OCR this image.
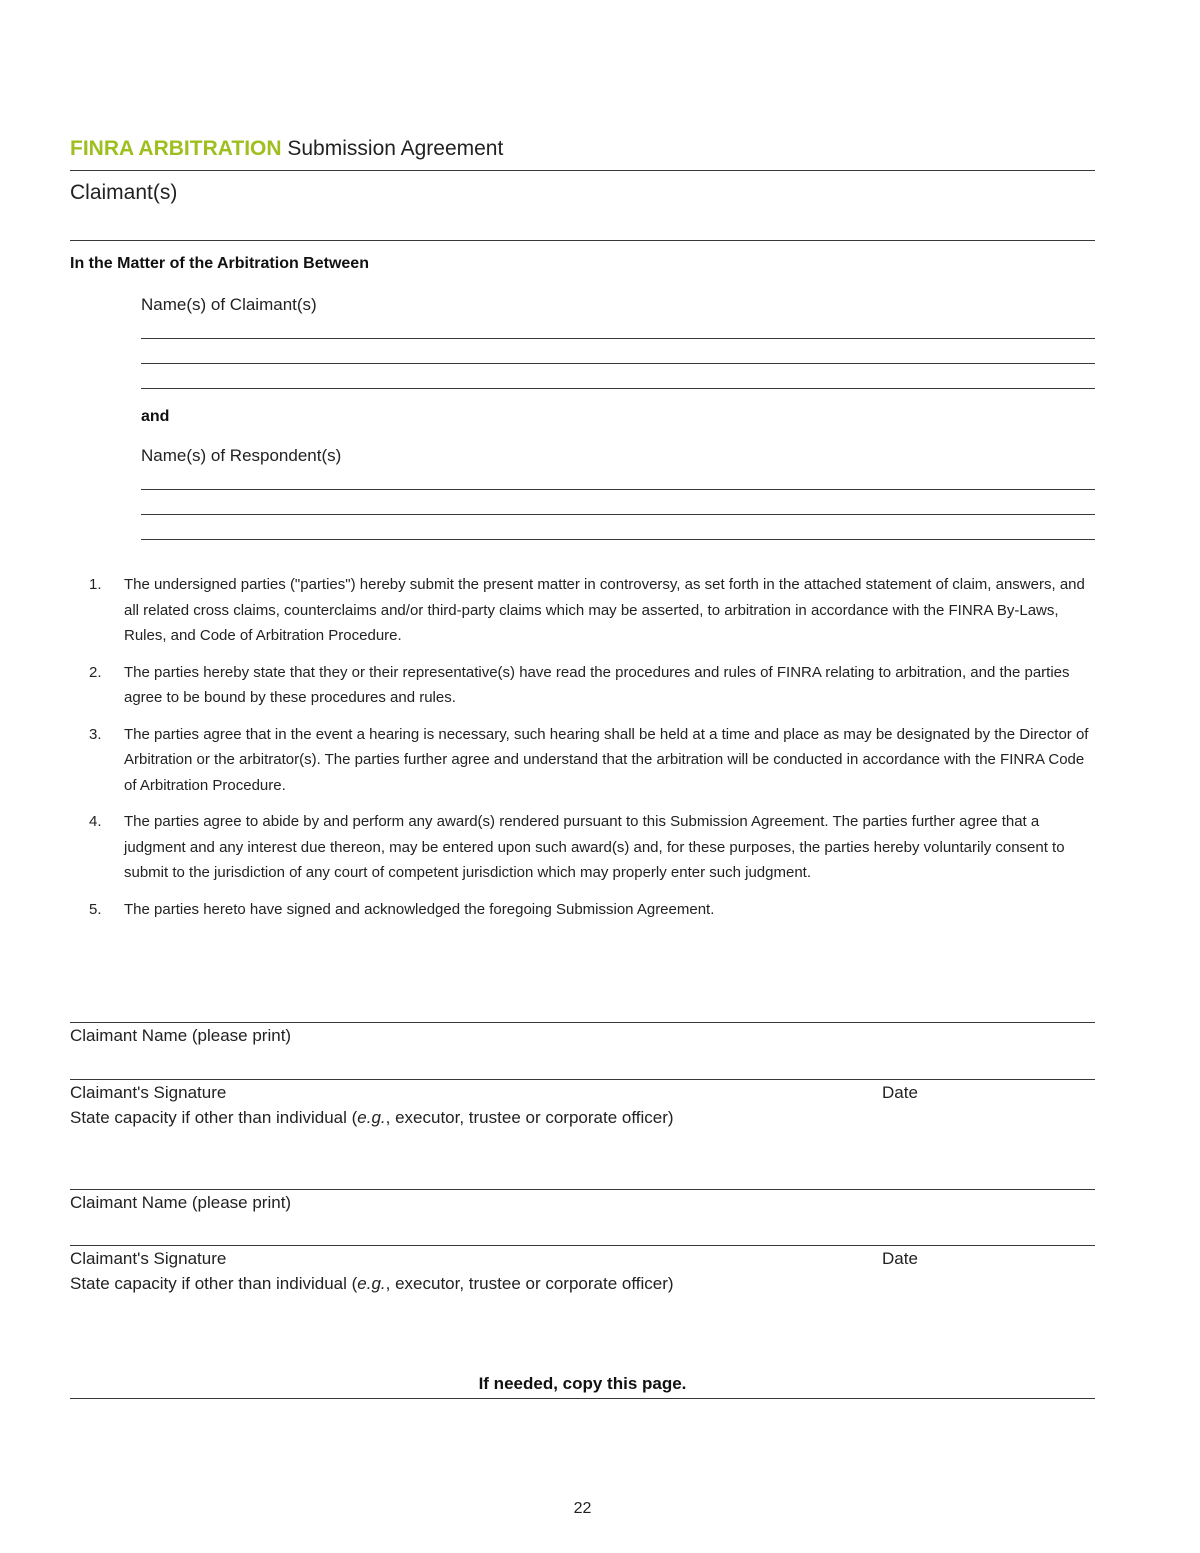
FINRA ARBITRATION Submission Agreement
Claimant(s)
In the Matter of the Arbitration Between
Name(s) of Claimant(s)
and
Name(s) of Respondent(s)
1. The undersigned parties ("parties") hereby submit the present matter in controversy, as set forth in the attached statement of claim, answers, and all related cross claims, counterclaims and/or third-party claims which may be asserted, to arbitration in accordance with the FINRA By-Laws, Rules, and Code of Arbitration Procedure.
2. The parties hereby state that they or their representative(s) have read the procedures and rules of FINRA relating to arbitration, and the parties agree to be bound by these procedures and rules.
3. The parties agree that in the event a hearing is necessary, such hearing shall be held at a time and place as may be designated by the Director of Arbitration or the arbitrator(s). The parties further agree and understand that the arbitration will be conducted in accordance with the FINRA Code of Arbitration Procedure.
4. The parties agree to abide by and perform any award(s) rendered pursuant to this Submission Agreement. The parties further agree that a judgment and any interest due thereon, may be entered upon such award(s) and, for these purposes, the parties hereby voluntarily consent to submit to the jurisdiction of any court of competent jurisdiction which may properly enter such judgment.
5. The parties hereto have signed and acknowledged the foregoing Submission Agreement.
Claimant Name (please print)
Claimant's Signature	Date
State capacity if other than individual (e.g., executor, trustee or corporate officer)
Claimant Name (please print)
Claimant's Signature	Date
State capacity if other than individual (e.g., executor, trustee or corporate officer)
If needed, copy this page.
22
